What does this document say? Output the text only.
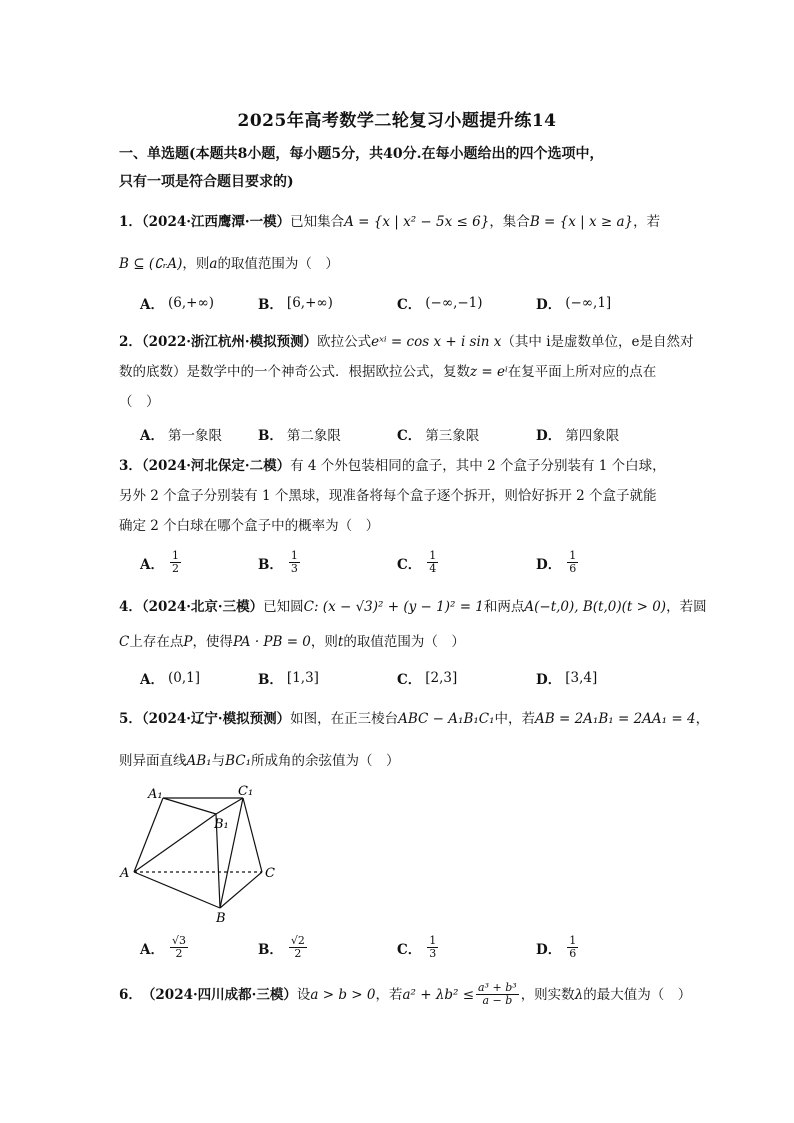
2025年高考数学二轮复习小题提升练14
一、单选题(本题共8小题，每小题5分，共40分.在每小题给出的四个选项中，
只有一项是符合题目要求的)
1．（2024·江西鹰潭·一模）已知集合A = {x | x² − 5x ≤ 6}，集合B = {x | x ≥ a}，若
B ⊆ (∁ᵣA)，则a的取值范围为（　）
A． (6,+∞)	B． [6,+∞)	C． (−∞,−1)	D． (−∞,1]
2．（2022·浙江杭州·模拟预测）欧拉公式eˣⁱ = cos x + i sin x（其中 i是虚数单位，e是自然对
数的底数）是数学中的一个神奇公式．根据欧拉公式，复数z = eⁱ在复平面上所对应的点在
（　）
A． 第一象限	B． 第二象限	C． 第三象限	D． 第四象限
3．（2024·河北保定·二模）有 4 个外包装相同的盒子，其中 2 个盒子分别装有 1 个白球，
另外 2 个盒子分别装有 1 个黑球，现准备将每个盒子逐个拆开，则恰好拆开 2 个盒子就能
确定 2 个白球在哪个盒子中的概率为（　）
A． $\frac{1}{2}$	B． $\frac{1}{3}$	C． $\frac{1}{4}$	D． $\frac{1}{6}$
4．（2024·北京·三模）已知圆C: (x − √3)² + (y − 1)² = 1和两点A(−t,0), B(t,0)(t > 0)，若圆
C上存在点P，使得PA · PB = 0，则t的取值范围为（　）
A． (0,1]	B． [1,3]	C． [2,3]	D． [3,4]
5．（2024·辽宁·模拟预测）如图，在正三棱台ABC − A₁B₁C₁中，若AB = 2A₁B₁ = 2AA₁ = 4，
则异面直线AB₁与BC₁所成角的余弦值为（　）
A₁	C₁
B₁
A	C
B
A． $\frac{√3}{2}$	B． $\frac{√2}{2}$	C． $\frac{1}{3}$	D． $\frac{1}{6}$
6． （2024·四川成都·三模） 设 a > b > 0 ，若 $a^2 + \lambda b^2 \le \frac{\text{a³ + b³}}{a - b}$ ，则实数 λ 的最大值为（　）
